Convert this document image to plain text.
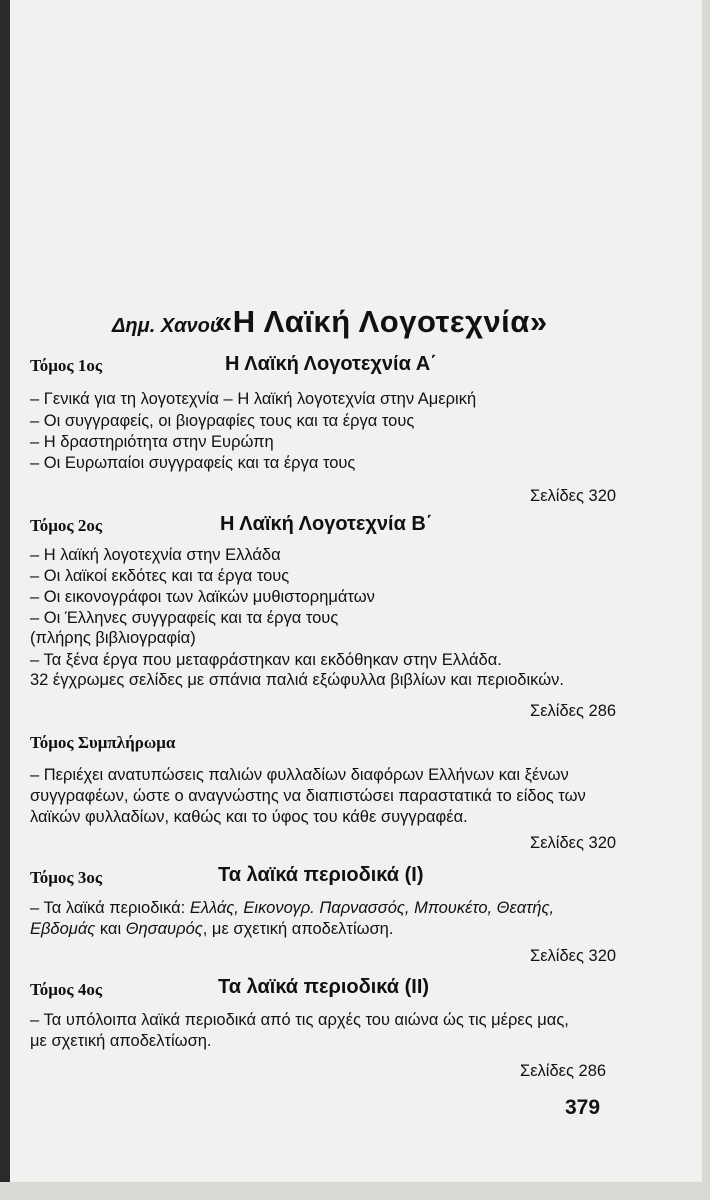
Δημ. Χανού
«Η Λαϊκή Λογοτεχνία»
Τόμος 1ος	Η Λαϊκή Λογοτεχνία Α΄
– Γενικά για τη λογοτεχνία – Η λαϊκή λογοτεχνία στην Αμερική
– Οι συγγραφείς, οι βιογραφίες τους και τα έργα τους
– Η δραστηριότητα στην Ευρώπη
– Οι Ευρωπαίοι συγγραφείς και τα έργα τους
Σελίδες 320
Τόμος 2ος	Η Λαϊκή Λογοτεχνία Β΄
– Η λαϊκή λογοτεχνία στην Ελλάδα
– Οι λαϊκοί εκδότες και τα έργα τους
– Οι εικονογράφοι των λαϊκών μυθιστορημάτων
– Οι Έλληνες συγγραφείς και τα έργα τους
(πλήρης βιβλιογραφία)
– Τα ξένα έργα που μεταφράστηκαν και εκδόθηκαν στην Ελλάδα.
32 έγχρωμες σελίδες με σπάνια παλιά εξώφυλλα βιβλίων και περιοδικών.
Σελίδες 286
Τόμος Συμπλήρωμα
– Περιέχει ανατυπώσεις παλιών φυλλαδίων διαφόρων Ελλήνων και ξένων
συγγραφέων, ώστε ο αναγνώστης να διαπιστώσει παραστατικά το είδος των
λαϊκών φυλλαδίων, καθώς και το ύφος του κάθε συγγραφέα.
Σελίδες 320
Τόμος 3ος	Τα λαϊκά περιοδικά (Ι)
– Τα λαϊκά περιοδικά: Ελλάς, Εικονογρ. Παρνασσός, Μπουκέτο, Θεατής,
Εβδομάς και Θησαυρός, με σχετική αποδελτίωση.
Σελίδες 320
Τόμος 4ος	Τα λαϊκά περιοδικά (ΙΙ)
– Τα υπόλοιπα λαϊκά περιοδικά από τις αρχές του αιώνα ώς τις μέρες μας,
με σχετική αποδελτίωση.
Σελίδες 286
379
